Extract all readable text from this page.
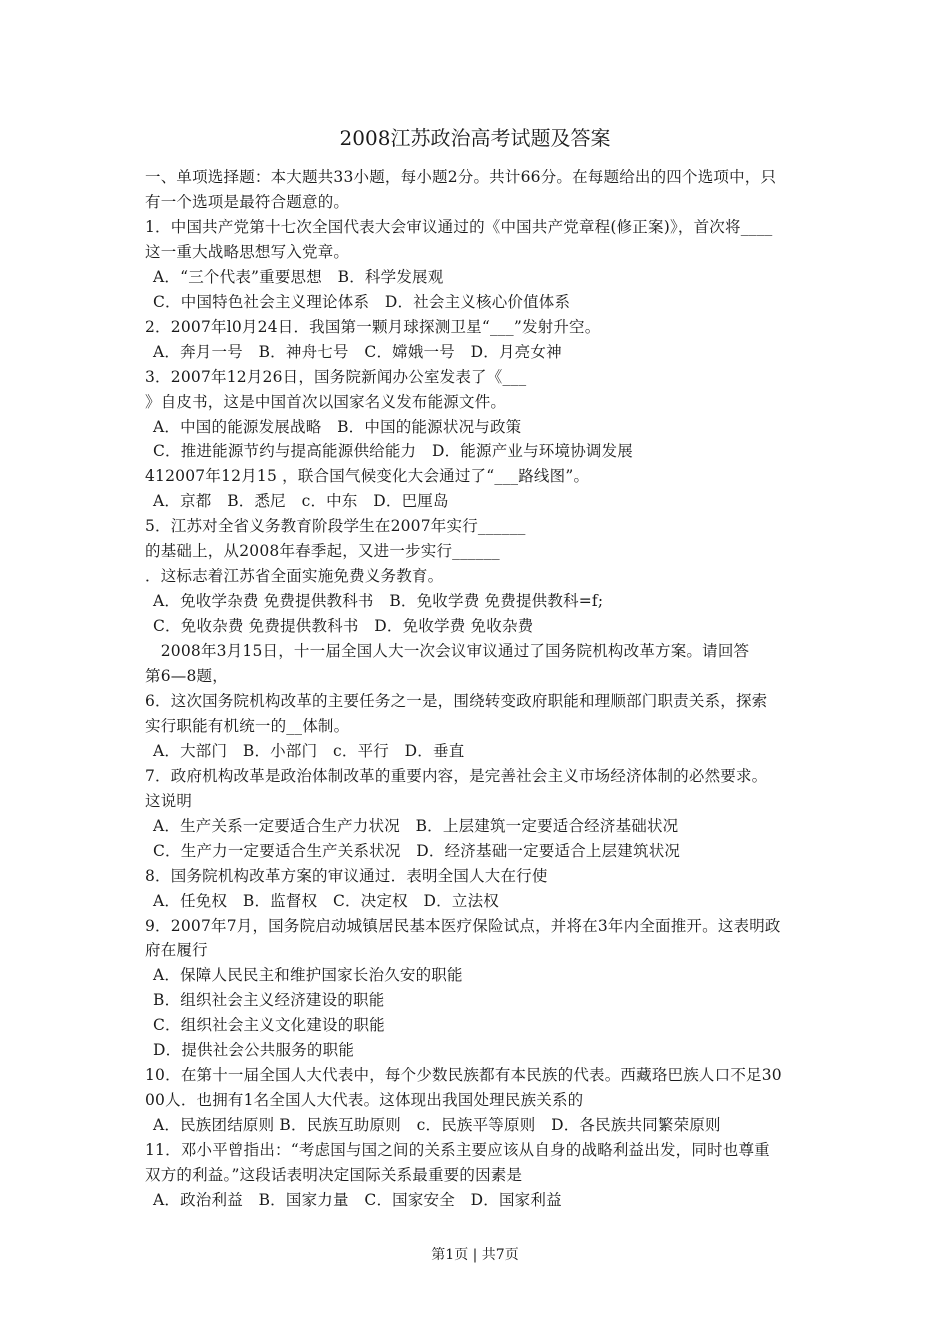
2008江苏政治高考试题及答案
一、单项选择题：本大题共33小题，每小题2分。共计66分。在每题给出的四个选项中，只
有一个选项是最符合题意的。
1．中国共产党第十七次全国代表大会审议通过的《中国共产党章程(修正案)》，首次将____
这一重大战略思想写入党章。
A．“三个代表”重要思想　B．科学发展观
C．中国特色社会主义理论体系　D．社会主义核心价值体系
2．2007年l0月24日．我国第一颗月球探测卫星“___”发射升空。
A．奔月一号　B．神舟七号　C．嫦娥一号　D．月亮女神
3．2007年12月26日，国务院新闻办公室发表了《___
》自皮书，这是中国首次以国家名义发布能源文件。
A．中国的能源发展战略　B．中国的能源状况与政策
C．推进能源节约与提高能源供给能力　D．能源产业与环境协调发展
412007年12月15 ，联合国气候变化大会通过了“___路线图”。
A．京都　B．悉尼　c．中东　D．巴厘岛
5．江苏对全省义务教育阶段学生在2007年实行______
的基础上，从2008年春季起，又进一步实行______
．这标志着江苏省全面实施免费义务教育。
A．免收学杂费 免费提供教科书　B．免收学费 免费提供教科=f;
C．免收杂费 免费提供教科书　D．免收学费 免收杂费
　2008年3月15日，十一届全国人大一次会议审议通过了国务院机构改革方案。请回答
第6—8题，
6．这次国务院机构改革的主要任务之一是，围绕转变政府职能和理顺部门职责关系，探索
实行职能有机统一的__体制。
A．大部门　B．小部门　c．平行　D．垂直
7．政府机构改革是政治体制改革的重要内容，是完善社会主义市场经济体制的必然要求。
这说明
A．生产关系一定要适合生产力状况　B．上层建筑一定要适合经济基础状况
C．生产力一定要适合生产关系状况　D．经济基础一定要适合上层建筑状况
8．国务院机构改革方案的审议通过．表明全国人大在行使
A．任免权　B．监督权　C．决定权　D．立法权
9．2007年7月，国务院启动城镇居民基本医疗保险试点，并将在3年内全面推开。这表明政
府在履行
A．保障人民民主和维护国家长治久安的职能
B．组织社会主义经济建设的职能
C．组织社会主义文化建设的职能
D．提供社会公共服务的职能
10．在第十一届全国人大代表中，每个少数民族都有本民族的代表。西藏珞巴族人口不足30
00人．也拥有1名全国人大代表。这体现出我国处理民族关系的
A．民族团结原则 B．民族互助原则　c．民族平等原则　D．各民族共同繁荣原则
11．邓小平曾指出：“考虑国与国之间的关系主要应该从自身的战略利益出发，同时也尊重
双方的利益。”这段话表明决定国际关系最重要的因素是
A．政治利益　B．国家力量　C．国家安全　D．国家利益
第1页 | 共7页
